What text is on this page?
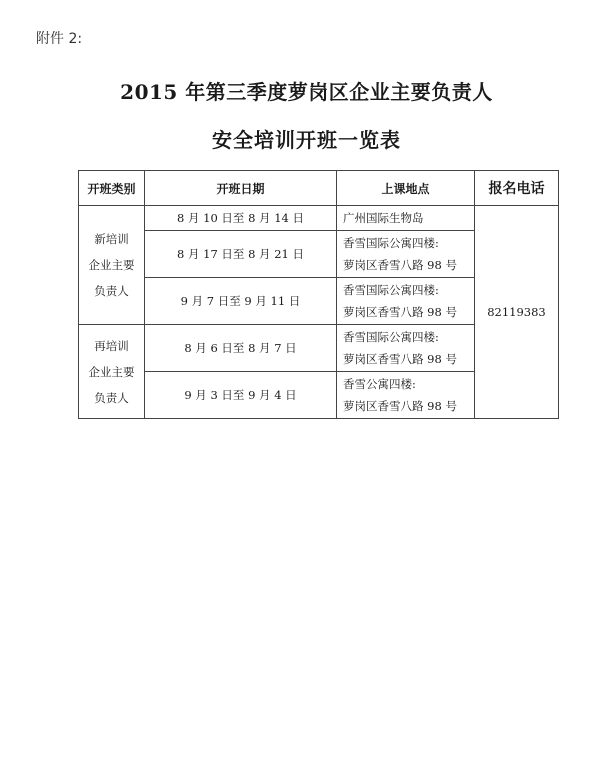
附件 2:
2015 年第三季度萝岗区企业主要负责人
安全培训开班一览表
开班类别	开班日期	上课地点	报名电话

新培训
企业主要
负责人	8 月 10 日至 8 月 14 日	广州国际生物岛	82119383
	8 月 17 日至 8 月 21 日	香雪国际公寓四楼:
萝岗区香雪八路 98 号	

	9 月 7 日至 9 月 11 日	香雪国际公寓四楼:
萝岗区香雪八路 98 号	

再培训
企业主要
负责人	8 月 6 日至 8 月 7 日	香雪国际公寓四楼:
萝岗区香雪八路 98 号	

	9 月 3 日至 9 月 4 日	香雪公寓四楼:
萝岗区香雪八路 98 号	
